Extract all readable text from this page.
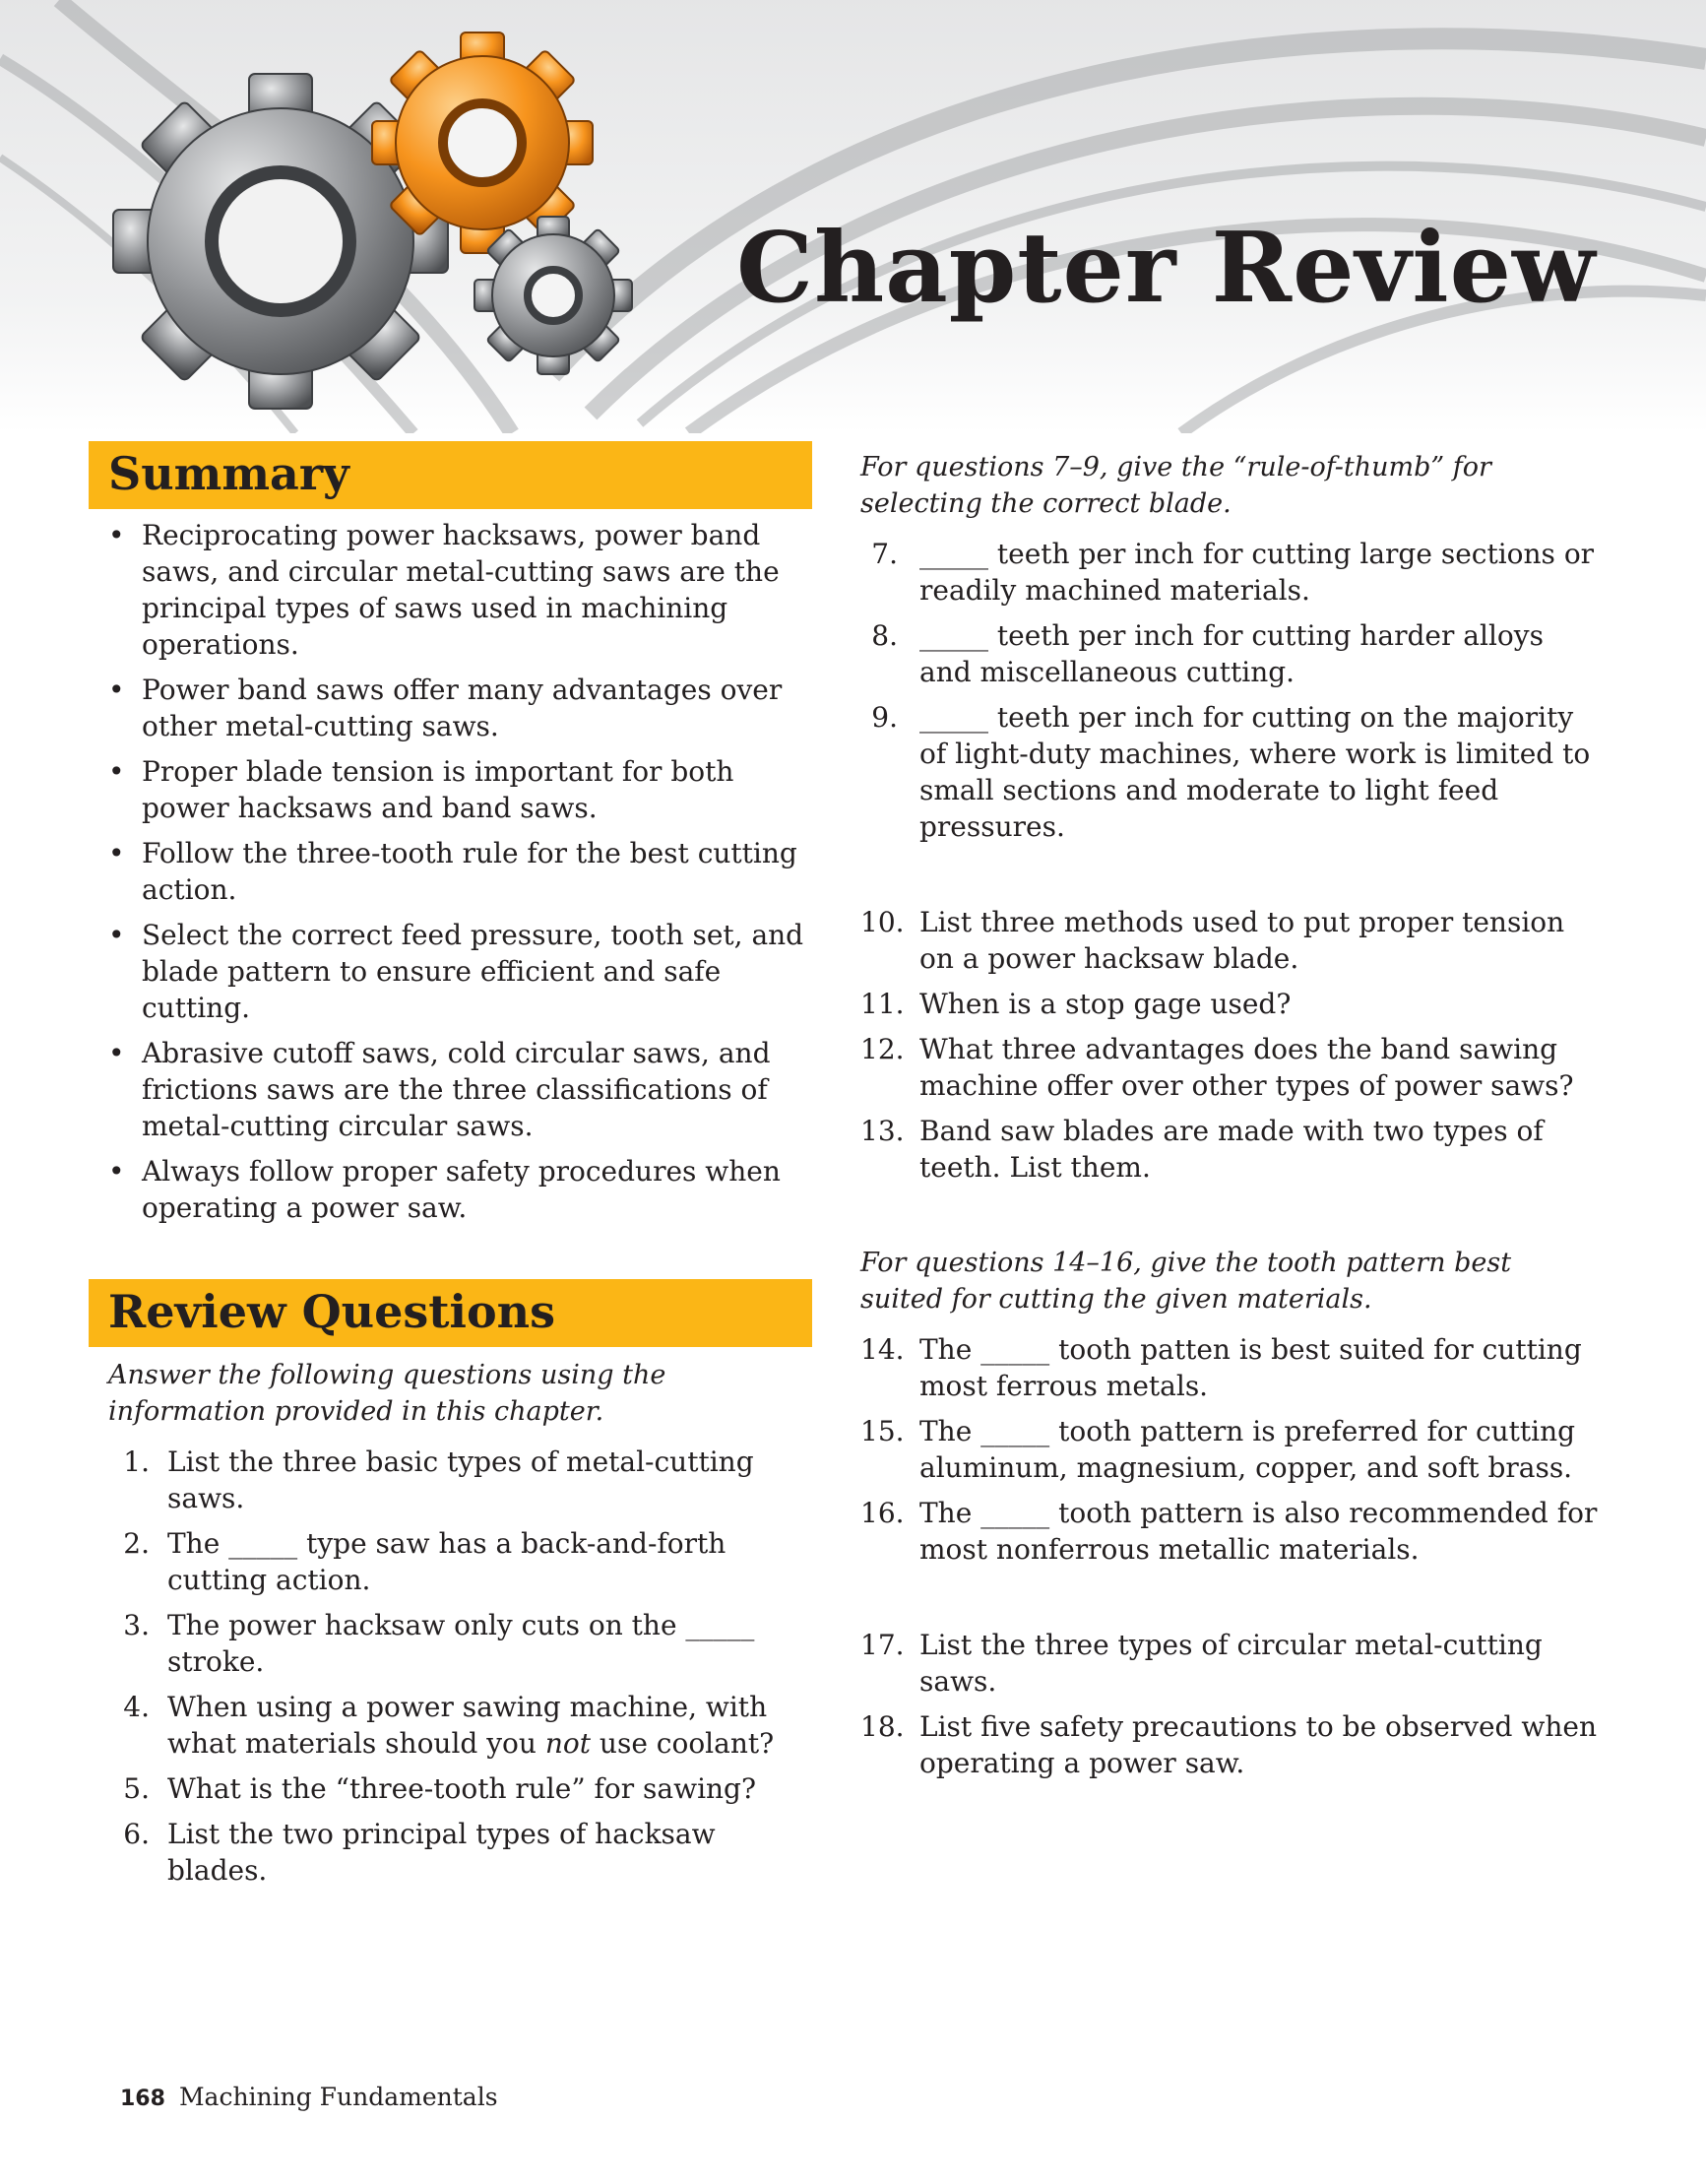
Chapter Review
Summary
• Reciprocating power hacksaws, power band saws, and circular metal-cutting saws are the principal types of saws used in machining operations.
• Power band saws offer many advantages over other metal-cutting saws.
• Proper blade tension is important for both power hacksaws and band saws.
• Follow the three-tooth rule for the best cutting action.
• Select the correct feed pressure, tooth set, and blade pattern to ensure efficient and safe cutting.
• Abrasive cutoff saws, cold circular saws, and frictions saws are the three classifications of metal-cutting circular saws.
• Always follow proper safety procedures when operating a power saw.
Review Questions

Answer the following questions using the information provided in this chapter.

1. List the three basic types of metal-cutting saws.
2. The _____ type saw has a back-and-forth cutting action.
3. The power hacksaw only cuts on the _____ stroke.
4. When using a power sawing machine, with what materials should you not use coolant?
5. What is the “three-tooth rule” for sawing?
6. List the two principal types of hacksaw blades.

For questions 7–9, give the “rule-of-thumb” for selecting the correct blade.

7. _____ teeth per inch for cutting large sections or readily machined materials.
8. _____ teeth per inch for cutting harder alloys and miscellaneous cutting.
9. _____ teeth per inch for cutting on the majority of light-duty machines, where work is limited to small sections and moderate to light feed pressures.
10. List three methods used to put proper tension on a power hacksaw blade.
11. When is a stop gage used?
12. What three advantages does the band sawing machine offer over other types of power saws?
13. Band saw blades are made with two types of teeth. List them.

For questions 14–16, give the tooth pattern best suited for cutting the given materials.

14. The _____ tooth patten is best suited for cutting most ferrous metals.
15. The _____ tooth pattern is preferred for cutting aluminum, magnesium, copper, and soft brass.
16. The _____ tooth pattern is also recommended for most nonferrous metallic materials.
17. List the three types of circular metal-cutting saws.
18. List five safety precautions to be observed when operating a power saw.
168 Machining Fundamentals
